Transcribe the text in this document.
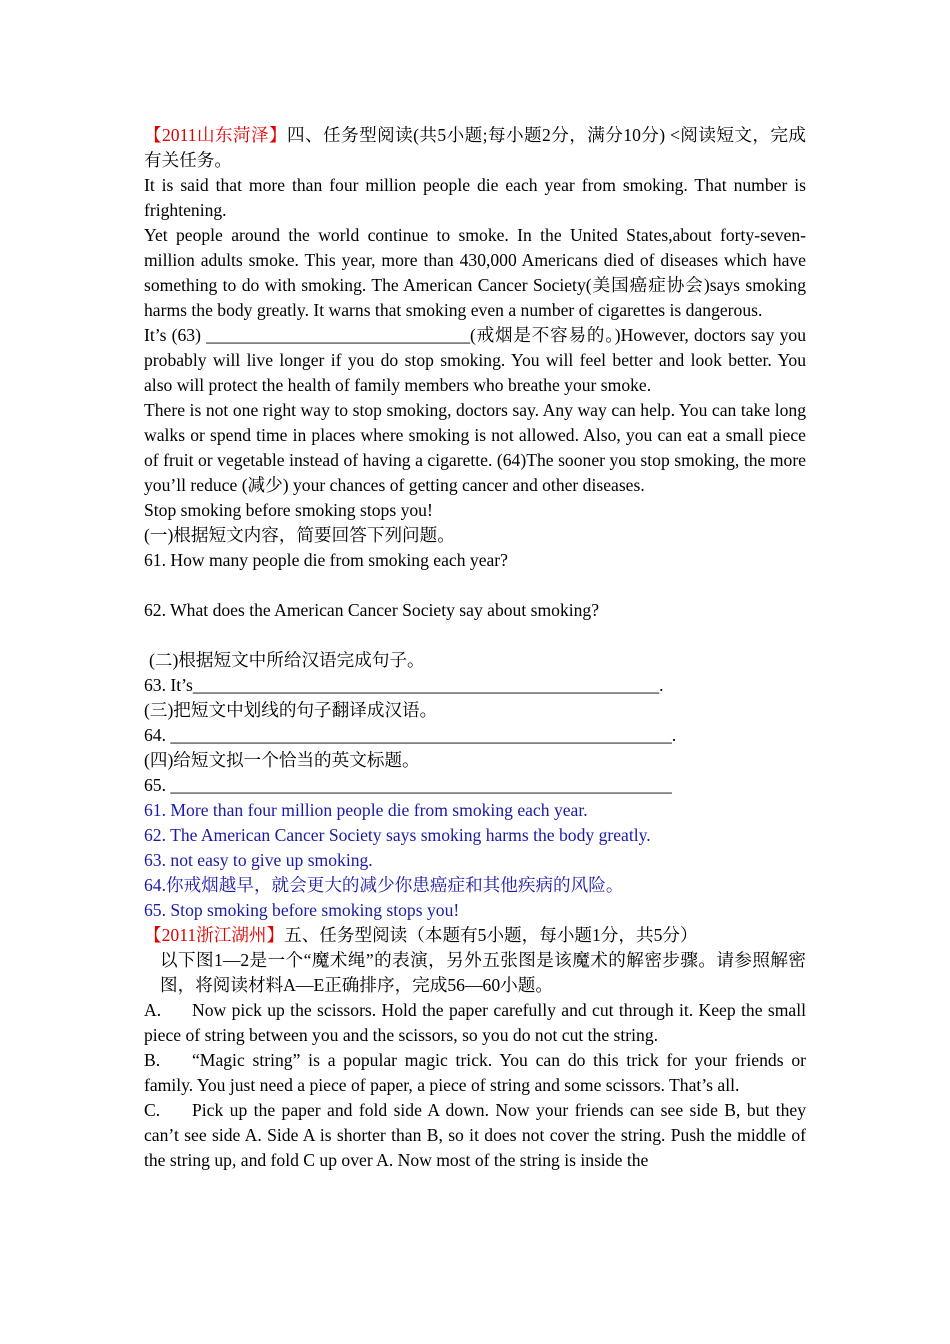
【2011山东菏泽】四、任务型阅读(共5小题;每小题2分，满分10分) <阅读短文，完成有关任务。
It is said that more than four million people die each year from smoking. That number is frightening.
Yet people around the world continue to smoke. In the United States,about forty-seven-million adults smoke. This year, more than 430,000 Americans died of diseases which have something to do with smoking. The American Cancer Society(美国癌症协会)says smoking harms the body greatly. It warns that smoking even a number of cigarettes is dangerous.
It’s (63) ______________________________(戒烟是不容易的。)However, doctors say you probably will live longer if you do stop smoking. You will feel better and look better. You also will protect the health of family members who breathe your smoke.
There is not one right way to stop smoking, doctors say. Any way can help. You can take long walks or spend time in places where smoking is not allowed. Also, you can eat a small piece of fruit or vegetable instead of having a cigarette. (64)The sooner you stop smoking, the more you’ll reduce (减少) your chances of getting cancer and other diseases.
Stop smoking before smoking stops you!
(一)根据短文内容，简要回答下列问题。
61. How many people die from smoking each year?
62. What does the American Cancer Society say about smoking?
(二)根据短文中所给汉语完成句子。
63. It’s_____________________________________________________.
(三)把短文中划线的句子翻译成汉语。
64. _________________________________________________________.
(四)给短文拟一个恰当的英文标题。
65. _________________________________________________________
61. More than four million people die from smoking each year.
62. The American Cancer Society says smoking harms the body greatly.
63. not easy to give up smoking.
64.你戒烟越早，就会更大的减少你患癌症和其他疾病的风险。
65. Stop smoking before smoking stops you!
【2011浙江湖州】五、任务型阅读（本题有5小题，每小题1分，共5分）
以下图1—2是一个“魔术绳”的表演，另外五张图是该魔术的解密步骤。请参照解密图，将阅读材料A—E正确排序，完成56—60小题。
A. Now pick up the scissors. Hold the paper carefully and cut through it. Keep the small piece of string between you and the scissors, so you do not cut the string.
B. “Magic string” is a popular magic trick. You can do this trick for your friends or family. You just need a piece of paper, a piece of string and some scissors. That’s all.
C. Pick up the paper and fold side A down. Now your friends can see side B, but they can’t see side A. Side A is shorter than B, so it does not cover the string. Push the middle of the string up, and fold C up over A. Now most of the string is inside the
